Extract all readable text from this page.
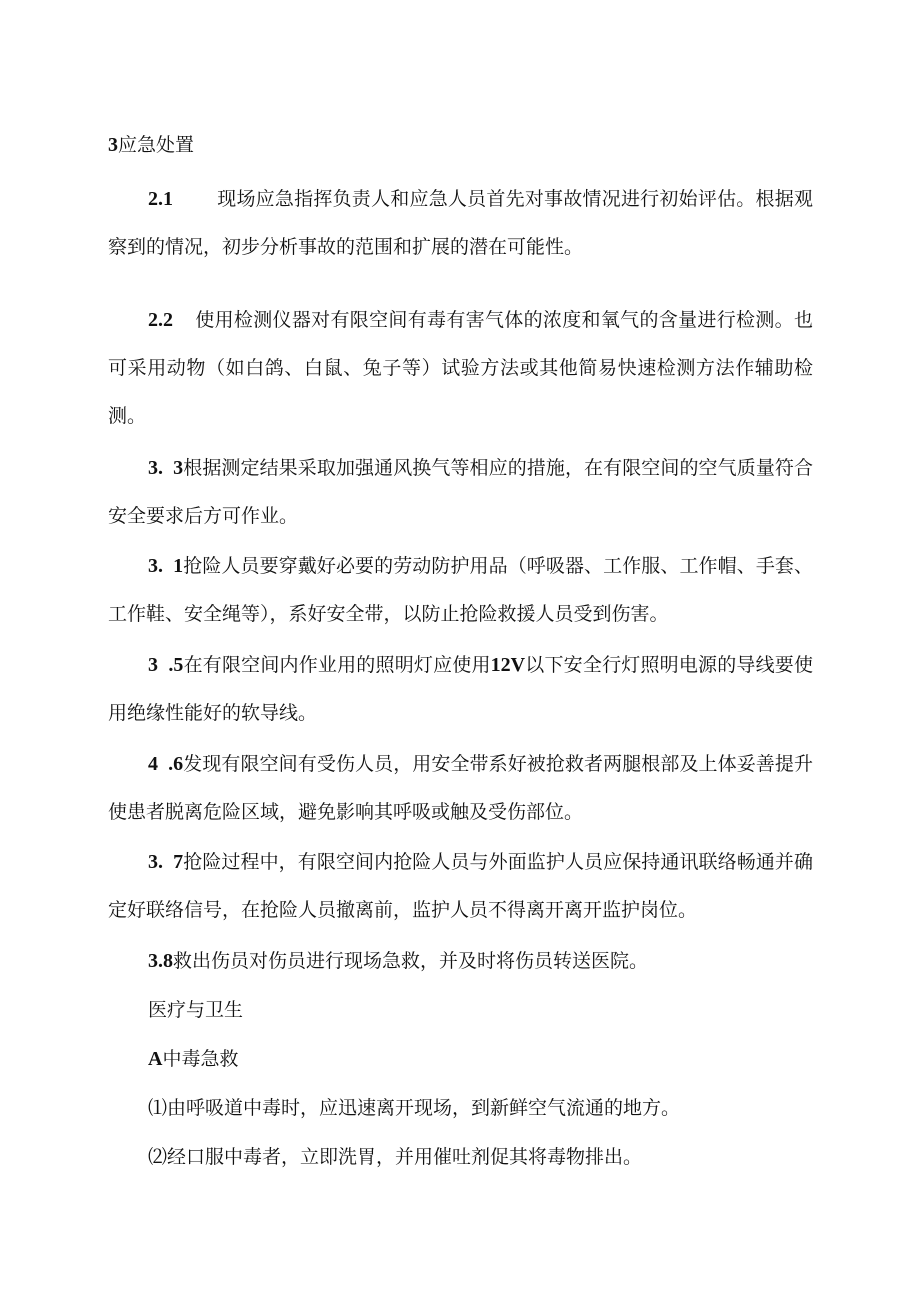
3应急处置

2.1 现场应急指挥负责人和应急人员首先对事故情况进行初始评估。根据观察到的情况，初步分析事故的范围和扩展的潜在可能性。

2.2 使用检测仪器对有限空间有毒有害气体的浓度和氧气的含量进行检测。也可采用动物（如白鸽、白鼠、兔子等）试验方法或其他简易快速检测方法作辅助检测。

3.  3根据测定结果采取加强通风换气等相应的措施，在有限空间的空气质量符合安全要求后方可作业。

3.  1抢险人员要穿戴好必要的劳动防护用品（呼吸器、工作服、工作帽、手套、工作鞋、安全绳等），系好安全带，以防止抢险救援人员受到伤害。

3  .5在有限空间内作业用的照明灯应使用12V以下安全行灯照明电源的导线要使用绝缘性能好的软导线。

4  .6发现有限空间有受伤人员，用安全带系好被抢救者两腿根部及上体妥善提升使患者脱离危险区域，避免影响其呼吸或触及受伤部位。

3.  7抢险过程中，有限空间内抢险人员与外面监护人员应保持通讯联络畅通并确定好联络信号，在抢险人员撤离前，监护人员不得离开离开监护岗位。

3.8救出伤员对伤员进行现场急救，并及时将伤员转送医院。

医疗与卫生

A中毒急救

⑴由呼吸道中毒时，应迅速离开现场，到新鲜空气流通的地方。

⑵经口服中毒者，立即洗胃，并用催吐剂促其将毒物排出。
